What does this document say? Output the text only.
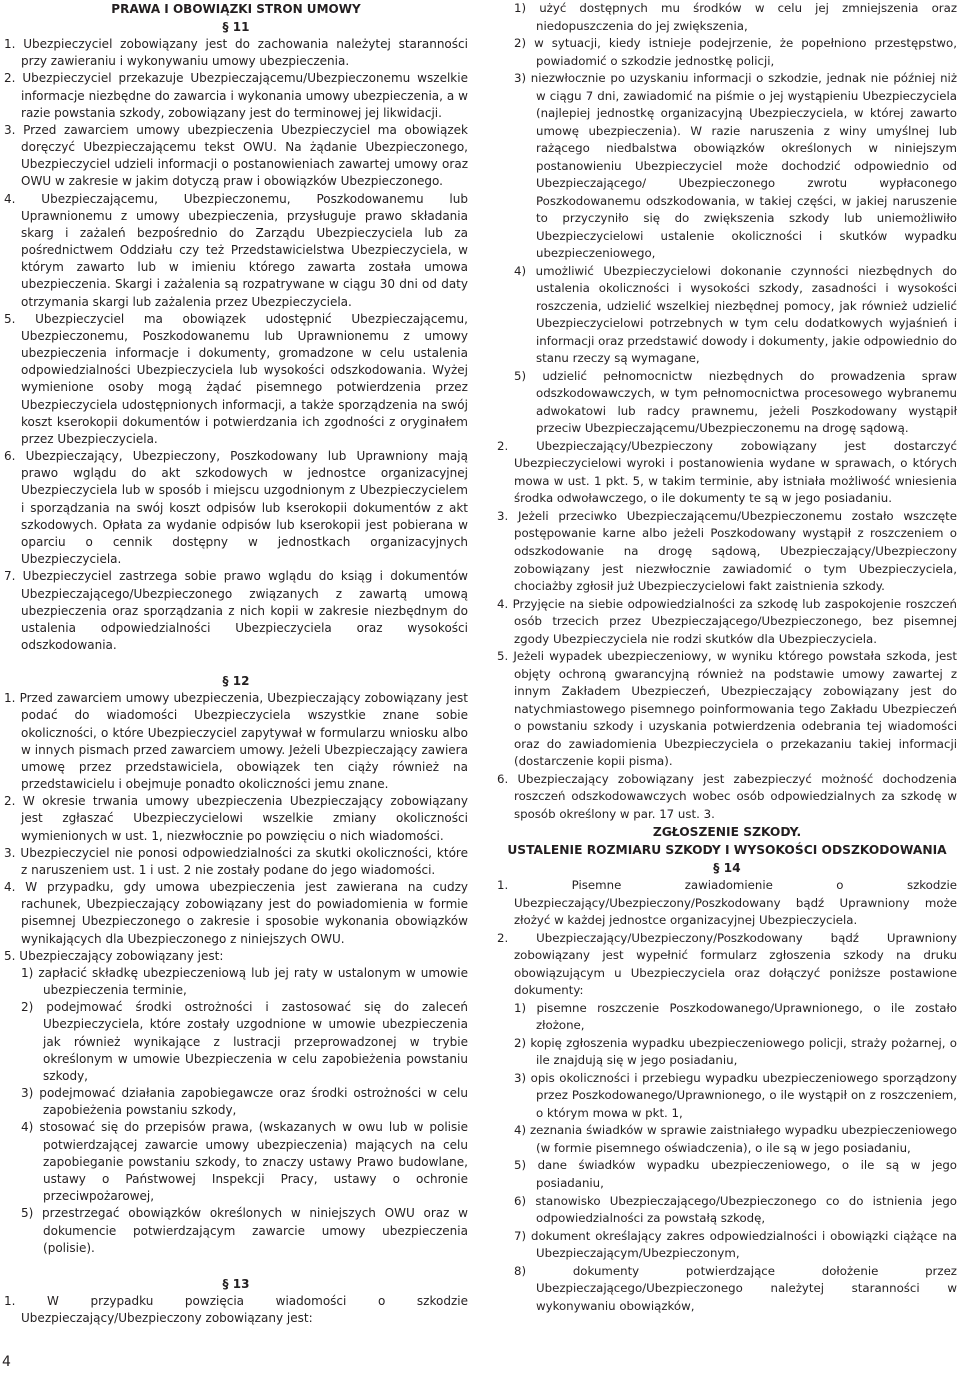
PRAWA I OBOWIĄZKI STRON UMOWY

§ 11

1. Ubezpieczyciel zobowiązany jest do zachowania należytej staranności przy zawieraniu i wykonywaniu umowy ubezpieczenia.

2. Ubezpieczyciel przekazuje Ubezpieczającemu/Ubezpieczonemu wszelkie informacje niezbędne do zawarcia i wykonania umowy ubezpieczenia, a w razie powstania szkody, zobowiązany jest do terminowej jej likwidacji.

3. Przed zawarciem umowy ubezpieczenia Ubezpieczyciel ma obowiązek doręczyć Ubezpieczającemu tekst OWU. Na żądanie Ubezpieczonego, Ubezpieczyciel udzieli informacji o postanowieniach zawartej umowy oraz OWU w zakresie w jakim dotyczą praw i obowiązków Ubezpieczonego.

4. Ubezpieczającemu, Ubezpieczonemu, Poszkodowanemu lub Uprawnionemu z umowy ubezpieczenia, przysługuje prawo składania skarg i zażaleń bezpośrednio do Zarządu Ubezpieczyciela lub za pośrednictwem Oddziału czy też Przedstawicielstwa Ubezpieczyciela, w którym zawarto lub w imieniu którego zawarta została umowa ubezpieczenia. Skargi i zażalenia są rozpatrywane w ciągu 30 dni od daty otrzymania skargi lub zażalenia przez Ubezpieczyciela.

5. Ubezpieczyciel ma obowiązek udostępnić Ubezpieczającemu, Ubezpieczonemu, Poszkodowanemu lub Uprawnionemu z umowy ubezpieczenia informacje i dokumenty, gromadzone w celu ustalenia odpowiedzialności Ubezpieczyciela lub wysokości odszkodowania. Wyżej wymienione osoby mogą żądać pisemnego potwierdzenia przez Ubezpieczyciela udostępnionych informacji, a także sporządzenia na swój koszt kserokopii dokumentów i potwierdzania ich zgodności z oryginałem przez Ubezpieczyciela.

6. Ubezpieczający, Ubezpieczony, Poszkodowany lub Uprawniony mają prawo wglądu do akt szkodowych w jednostce organizacyjnej Ubezpieczyciela lub w sposób i miejscu uzgodnionym z Ubezpieczycielem i sporządzania na swój koszt odpisów lub kserokopii dokumentów z akt szkodowych. Opłata za wydanie odpisów lub kserokopii jest pobierana w oparciu o cennik dostępny w jednostkach organizacyjnych Ubezpieczyciela.

7. Ubezpieczyciel zastrzega sobie prawo wglądu do ksiąg i dokumentów Ubezpieczającego/Ubezpieczonego związanych z zawartą umową ubezpieczenia oraz sporządzania z nich kopii w zakresie niezbędnym do ustalenia odpowiedzialności Ubezpieczyciela oraz wysokości odszkodowania.

§ 12

1. Przed zawarciem umowy ubezpieczenia, Ubezpieczający zobowiązany jest podać do wiadomości Ubezpieczyciela wszystkie znane sobie okoliczności, o które Ubezpieczyciel zapytywał w formularzu wniosku albo w innych pismach przed zawarciem umowy. Jeżeli Ubezpieczający zawiera umowę przez przedstawiciela, obowiązek ten ciąży również na przedstawicielu i obejmuje ponadto okoliczności jemu znane.

2. W okresie trwania umowy ubezpieczenia Ubezpieczający zobowiązany jest zgłaszać Ubezpieczycielowi wszelkie zmiany okoliczności wymienionych w ust. 1, niezwłocznie po powzięciu o nich wiadomości.

3. Ubezpieczyciel nie ponosi odpowiedzialności za skutki okoliczności, które z naruszeniem ust. 1 i ust. 2 nie zostały podane do jego wiadomości.

4. W przypadku, gdy umowa ubezpieczenia jest zawierana na cudzy rachunek, Ubezpieczający zobowiązany jest do powiadomienia w formie pisemnej Ubezpieczonego o zakresie i sposobie wykonania obowiązków wynikających dla Ubezpieczonego z niniejszych OWU.

5. Ubezpieczający zobowiązany jest:

1) zapłacić składkę ubezpieczeniową lub jej raty w ustalonym w umowie ubezpieczenia terminie,

2) podejmować środki ostrożności i zastosować się do zaleceń Ubezpieczyciela, które zostały uzgodnione w umowie ubezpieczenia jak również wynikające z lustracji przeprowadzonej w trybie określonym w umowie Ubezpieczenia w celu zapobieżenia powstaniu szkody,

3) podejmować działania zapobiegawcze oraz środki ostrożności w celu zapobieżenia powstaniu szkody,

4) stosować się do przepisów prawa, (wskazanych w owu lub w polisie potwierdzającej zawarcie umowy ubezpieczenia) mających na celu zapobieganie powstaniu szkody, to znaczy ustawy Prawo budowlane, ustawy o Państwowej Inspekcji Pracy, ustawy o ochronie przeciwpożarowej,

5) przestrzegać obowiązków określonych w niniejszych OWU oraz w dokumencie potwierdzającym zawarcie umowy ubezpieczenia (polisie).

§ 13

1. W przypadku powzięcia wiadomości o szkodzie Ubezpieczający/Ubezpieczony zobowiązany jest:

1) użyć dostępnych mu środków w celu jej zmniejszenia oraz niedopuszczenia do jej zwiększenia,

2) w sytuacji, kiedy istnieje podejrzenie, że popełniono przestępstwo, powiadomić o szkodzie jednostkę policji,

3) niezwłocznie po uzyskaniu informacji o szkodzie, jednak nie później niż w ciągu 7 dni, zawiadomić na piśmie o jej wystąpieniu Ubezpieczyciela (najlepiej jednostkę organizacyjną Ubezpieczyciela, w której zawarto umowę ubezpieczenia). W razie naruszenia z winy umyślnej lub rażącego niedbalstwa obowiązków określonych w niniejszym postanowieniu Ubezpieczyciel może dochodzić odpowiednio od Ubezpieczającego/ Ubezpieczonego zwrotu wypłaconego Poszkodowanemu odszkodowania, w takiej części, w jakiej naruszenie to przyczyniło się do zwiększenia szkody lub uniemożliwiło Ubezpieczycielowi ustalenie okoliczności i skutków wypadku ubezpieczeniowego,

4) umożliwić Ubezpieczycielowi dokonanie czynności niezbędnych do ustalenia okoliczności i wysokości szkody, zasadności i wysokości roszczenia, udzielić wszelkiej niezbędnej pomocy, jak również udzielić Ubezpieczycielowi potrzebnych w tym celu dodatkowych wyjaśnień i informacji oraz przedstawić dowody i dokumenty, jakie odpowiednio do stanu rzeczy są wymagane,

5) udzielić pełnomocnictw niezbędnych do prowadzenia spraw odszkodowawczych, w tym pełnomocnictwa procesowego wybranemu adwokatowi lub radcy prawnemu, jeżeli Poszkodowany wystąpił przeciw Ubezpieczającemu/Ubezpieczonemu na drogę sądową.

2. Ubezpieczający/Ubezpieczony zobowiązany jest dostarczyć Ubezpieczycielowi wyroki i postanowienia wydane w sprawach, o których mowa w ust. 1 pkt. 5, w takim terminie, aby istniała możliwość wniesienia środka odwoławczego, o ile dokumenty te są w jego posiadaniu.

3. Jeżeli przeciwko Ubezpieczającemu/Ubezpieczonemu zostało wszczęte postępowanie karne albo jeżeli Poszkodowany wystąpił z roszczeniem o odszkodowanie na drogę sądową, Ubezpieczający/Ubezpieczony zobowiązany jest niezwłocznie zawiadomić o tym Ubezpieczyciela, chociażby zgłosił już Ubezpieczycielowi fakt zaistnienia szkody.

4. Przyjęcie na siebie odpowiedzialności za szkodę lub zaspokojenie roszczeń osób trzecich przez Ubezpieczającego/Ubezpieczonego, bez pisemnej zgody Ubezpieczyciela nie rodzi skutków dla Ubezpieczyciela.

5. Jeżeli wypadek ubezpieczeniowy, w wyniku którego powstała szkoda, jest objęty ochroną gwarancyjną również na podstawie umowy zawartej z innym Zakładem Ubezpieczeń, Ubezpieczający zobowiązany jest do natychmiastowego pisemnego poinformowania tego Zakładu Ubezpieczeń o powstaniu szkody i uzyskania potwierdzenia odebrania tej wiadomości oraz do zawiadomienia Ubezpieczyciela o przekazaniu takiej informacji (dostarczenie kopii pisma).

6. Ubezpieczający zobowiązany jest zabezpieczyć możność dochodzenia roszczeń odszkodowawczych wobec osób odpowiedzialnych za szkodę w sposób określony w par. 17 ust. 3.

ZGŁOSZENIE SZKODY.

USTALENIE ROZMIARU SZKODY I WYSOKOŚCI ODSZKODOWANIA

§ 14

1. Pisemne zawiadomienie o szkodzie Ubezpieczający/Ubezpieczony/Poszkodowany bądź Uprawniony może złożyć w każdej jednostce organizacyjnej Ubezpieczyciela.

2. Ubezpieczający/Ubezpieczony/Poszkodowany bądź Uprawniony zobowiązany jest wypełnić formularz zgłoszenia szkody na druku obowiązującym u Ubezpieczyciela oraz dołączyć poniższe postawione dokumenty:

1) pisemne roszczenie Poszkodowanego/Uprawnionego, o ile zostało złożone,

2) kopię zgłoszenia wypadku ubezpieczeniowego policji, straży pożarnej, o ile znajdują się w jego posiadaniu,

3) opis okoliczności i przebiegu wypadku ubezpieczeniowego sporządzony przez Poszkodowanego/Uprawnionego, o ile wystąpił on z roszczeniem, o którym mowa w pkt. 1,

4) zeznania świadków w sprawie zaistniałego wypadku ubezpieczeniowego (w formie pisemnego oświadczenia), o ile są w jego posiadaniu,

5) dane świadków wypadku ubezpieczeniowego, o ile są w jego posiadaniu,

6) stanowisko Ubezpieczającego/Ubezpieczonego co do istnienia jego odpowiedzialności za powstałą szkodę,

7) dokument określający zakres odpowiedzialności i obowiązki ciążące na Ubezpieczającym/Ubezpieczonym,

8) dokumenty potwierdzające dołożenie przez Ubezpieczającego/Ubezpieczonego należytej staranności w wykonywaniu obowiązków,

4
